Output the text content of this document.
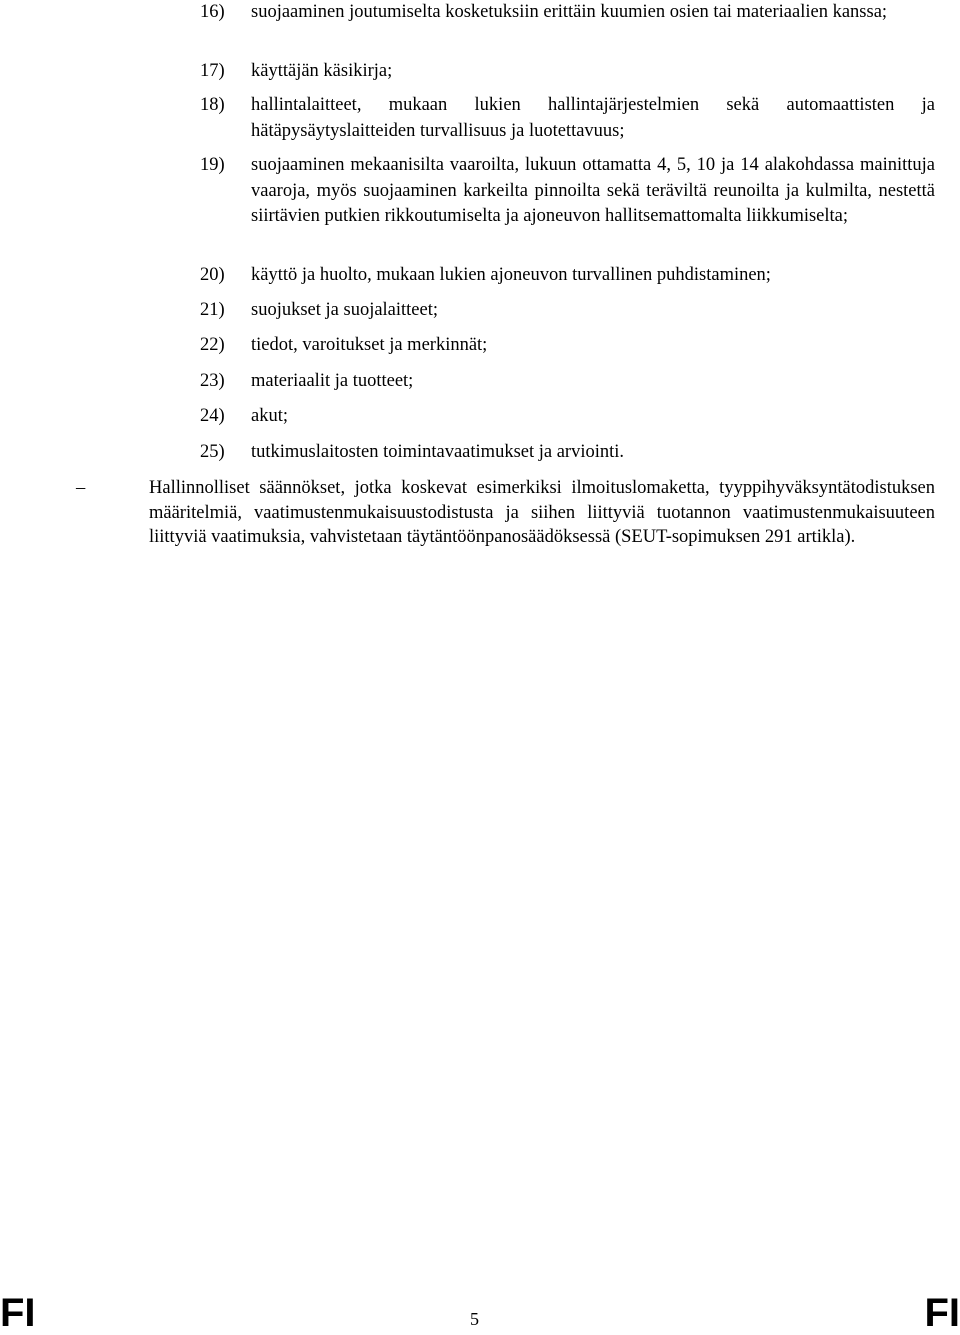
16)	suojaaminen joutumiselta kosketuksiin erittäin kuumien osien tai materiaalien kanssa;
17)	käyttäjän käsikirja;
18)	hallintalaitteet, mukaan lukien hallintajärjestelmien sekä automaattisten ja hätäpysäytyslaitteiden turvallisuus ja luotettavuus;
19)	suojaaminen mekaanisilta vaaroilta, lukuun ottamatta 4, 5, 10 ja 14 alakohdassa mainittuja vaaroja, myös suojaaminen karkeilta pinnoilta sekä teräviltä reunoilta ja kulmilta, nestettä siirtävien putkien rikkoutumiselta ja ajoneuvon hallitsemattomalta liikkumiselta;
20)	käyttö ja huolto, mukaan lukien ajoneuvon turvallinen puhdistaminen;
21)	suojukset ja suojalaitteet;
22)	tiedot, varoitukset ja merkinnät;
23)	materiaalit ja tuotteet;
24)	akut;
25)	tutkimuslaitosten toimintavaatimukset ja arviointi.
–	Hallinnolliset säännökset, jotka koskevat esimerkiksi ilmoituslomaketta, tyyppihyväksyntätodistuksen määritelmiä, vaatimustenmukaisuustodistusta ja siihen liittyviä tuotannon vaatimustenmukaisuuteen liittyviä vaatimuksia, vahvistetaan täytäntöönpanosäädöksessä (SEUT-sopimuksen 291 artikla).
FI	5	FI
